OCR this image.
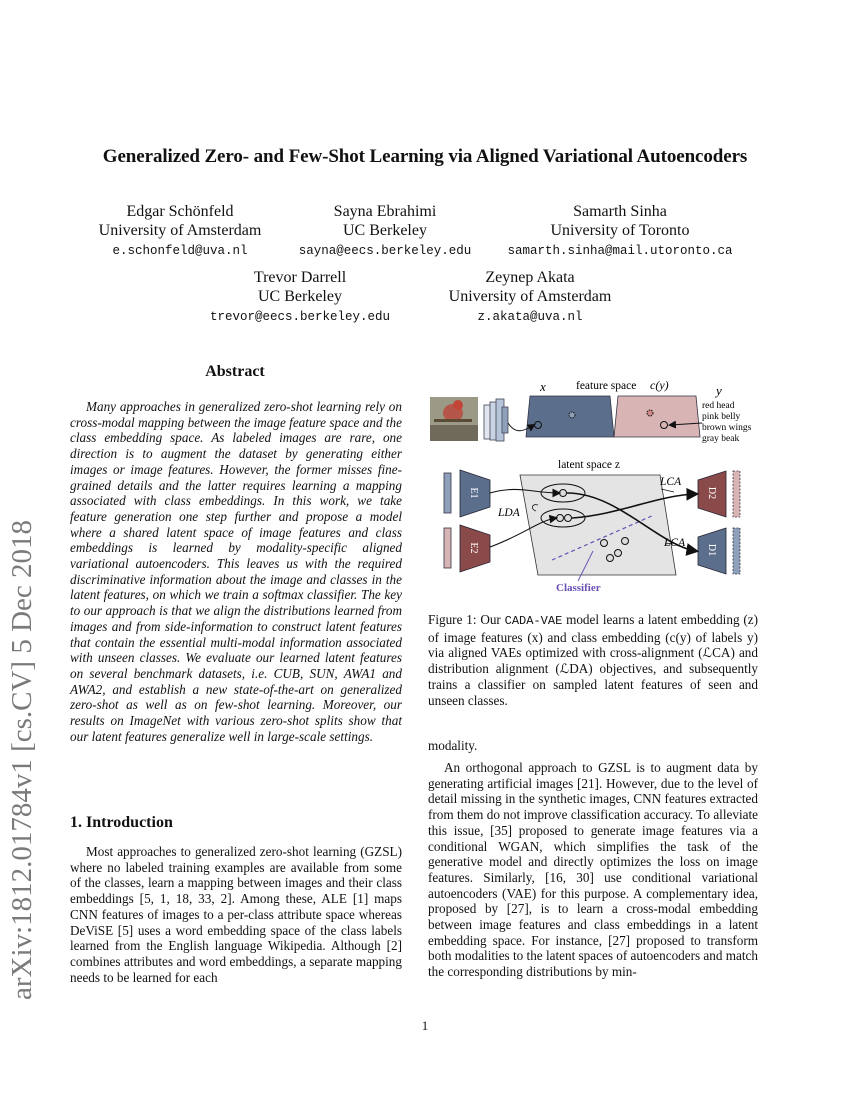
Generalized Zero- and Few-Shot Learning via Aligned Variational Autoencoders
Edgar Schönfeld
University of Amsterdam
e.schonfeld@uva.nl
Sayna Ebrahimi
UC Berkeley
sayna@eecs.berkeley.edu
Samarth Sinha
University of Toronto
samarth.sinha@mail.utoronto.ca
Trevor Darrell
UC Berkeley
trevor@eecs.berkeley.edu
Zeynep Akata
University of Amsterdam
z.akata@uva.nl
arXiv:1812.01784v1 [cs.CV] 5 Dec 2018
Abstract
Many approaches in generalized zero-shot learning rely on cross-modal mapping between the image feature space and the class embedding space. As labeled images are rare, one direction is to augment the dataset by generating either images or image features. However, the former misses fine-grained details and the latter requires learning a mapping associated with class embeddings. In this work, we take feature generation one step further and propose a model where a shared latent space of image features and class embeddings is learned by modality-specific aligned variational autoencoders. This leaves us with the required discriminative information about the image and classes in the latent features, on which we train a softmax classifier. The key to our approach is that we align the distributions learned from images and from side-information to construct latent features that contain the essential multi-modal information associated with unseen classes. We evaluate our learned latent features on several benchmark datasets, i.e. CUB, SUN, AWA1 and AWA2, and establish a new state-of-the-art on generalized zero-shot as well as on few-shot learning. Moreover, our results on ImageNet with various zero-shot splits show that our latent features generalize well in large-scale settings.
1. Introduction
Most approaches to generalized zero-shot learning (GZSL) where no labeled training examples are available from some of the classes, learn a mapping between images and their class embeddings [5, 1, 18, 33, 2]. Among these, ALE [1] maps CNN features of images to a per-class attribute space whereas DeViSE [5] uses a word embedding space of the class labels learned from the English language Wikipedia. Although [2] combines attributes and word embeddings, a separate mapping needs to be learned for each
x	feature space c(y)	y
red head
pink belly
brown wings
gray beak
latent space z
E1
E2
D2
D1
LCA
LCA
LDA
Classifier
Figure 1: Our CADA-VAE model learns a latent embedding (z) of image features (x) and class embedding (c(y) of labels y) via aligned VAEs optimized with cross-alignment (ℒCA) and distribution alignment (ℒDA) objectives, and subsequently trains a classifier on sampled latent features of seen and unseen classes.
modality.
An orthogonal approach to GZSL is to augment data by generating artificial images [21]. However, due to the level of detail missing in the synthetic images, CNN features extracted from them do not improve classification accuracy. To alleviate this issue, [35] proposed to generate image features via a conditional WGAN, which simplifies the task of the generative model and directly optimizes the loss on image features. Similarly, [16, 30] use conditional variational autoencoders (VAE) for this purpose. A complementary idea, proposed by [27], is to learn a cross-modal embedding between image features and class embeddings in a latent embedding space. For instance, [27] proposed to transform both modalities to the latent spaces of autoencoders and match the corresponding distributions by min-
1
